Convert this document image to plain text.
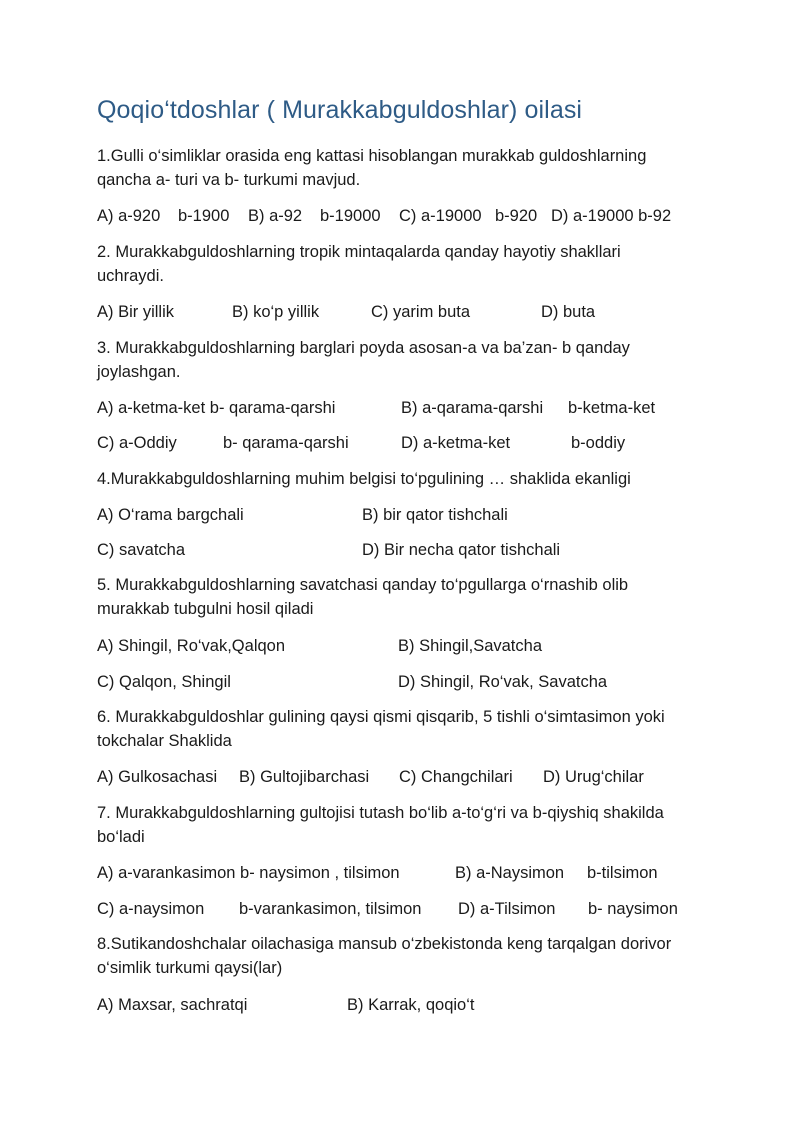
Qoqio‘tdoshlar ( Murakkabguldoshlar) oilasi
1.Gulli o‘simliklar orasida eng kattasi hisoblangan murakkab guldoshlarning
qancha a- turi va b- turkumi mavjud.
A) a-920 b-1900 B) a-92 b-19000 C) a-19000 b-920 D) a-19000 b-92
2. Murakkabguldoshlarning tropik mintaqalarda qanday hayotiy shakllari
uchraydi.
A) Bir yillik	B) ko‘p yillik	C) yarim buta	D) buta
3. Murakkabguldoshlarning barglari poyda asosan-a va ba’zan- b qanday
joylashgan.
A) a-ketma-ket b- qarama-qarshi	B) a-qarama-qarshi b-ketma-ket
C) a-Oddiy	b- qarama-qarshi	D) a-ketma-ket	b-oddiy
4.Murakkabguldoshlarning muhim belgisi to‘pgulining … shaklida ekanligi
A) O‘rama bargchali	B) bir qator tishchali
C) savatcha	D) Bir necha qator tishchali
5. Murakkabguldoshlarning savatchasi qanday to‘pgullarga o‘rnashib olib
murakkab tubgulni hosil qiladi
A) Shingil, Ro‘vak,Qalqon	B) Shingil,Savatcha
C) Qalqon, Shingil	D) Shingil, Ro‘vak, Savatcha
6. Murakkabguldoshlar gulining qaysi qismi qisqarib, 5 tishli o‘simtasimon yoki
tokchalar Shaklida
A) Gulkosachasi B) Gultojibarchasi C) Changchilari D) Urug‘chilar
7. Murakkabguldoshlarning gultojisi tutash bo‘lib a-to‘g‘ri va b-qiyshiq shakilda
bo‘ladi
A) a-varankasimon b- naysimon , tilsimon	B) a-Naysimon b-tilsimon
C) a-naysimon b-varankasimon, tilsimon D) a-Tilsimon b- naysimon
8.Sutikandoshchalar oilachasiga mansub o‘zbekistonda keng tarqalgan dorivor
o‘simlik turkumi qaysi(lar)
A) Maxsar, sachratqi	B) Karrak, qoqio‘t
